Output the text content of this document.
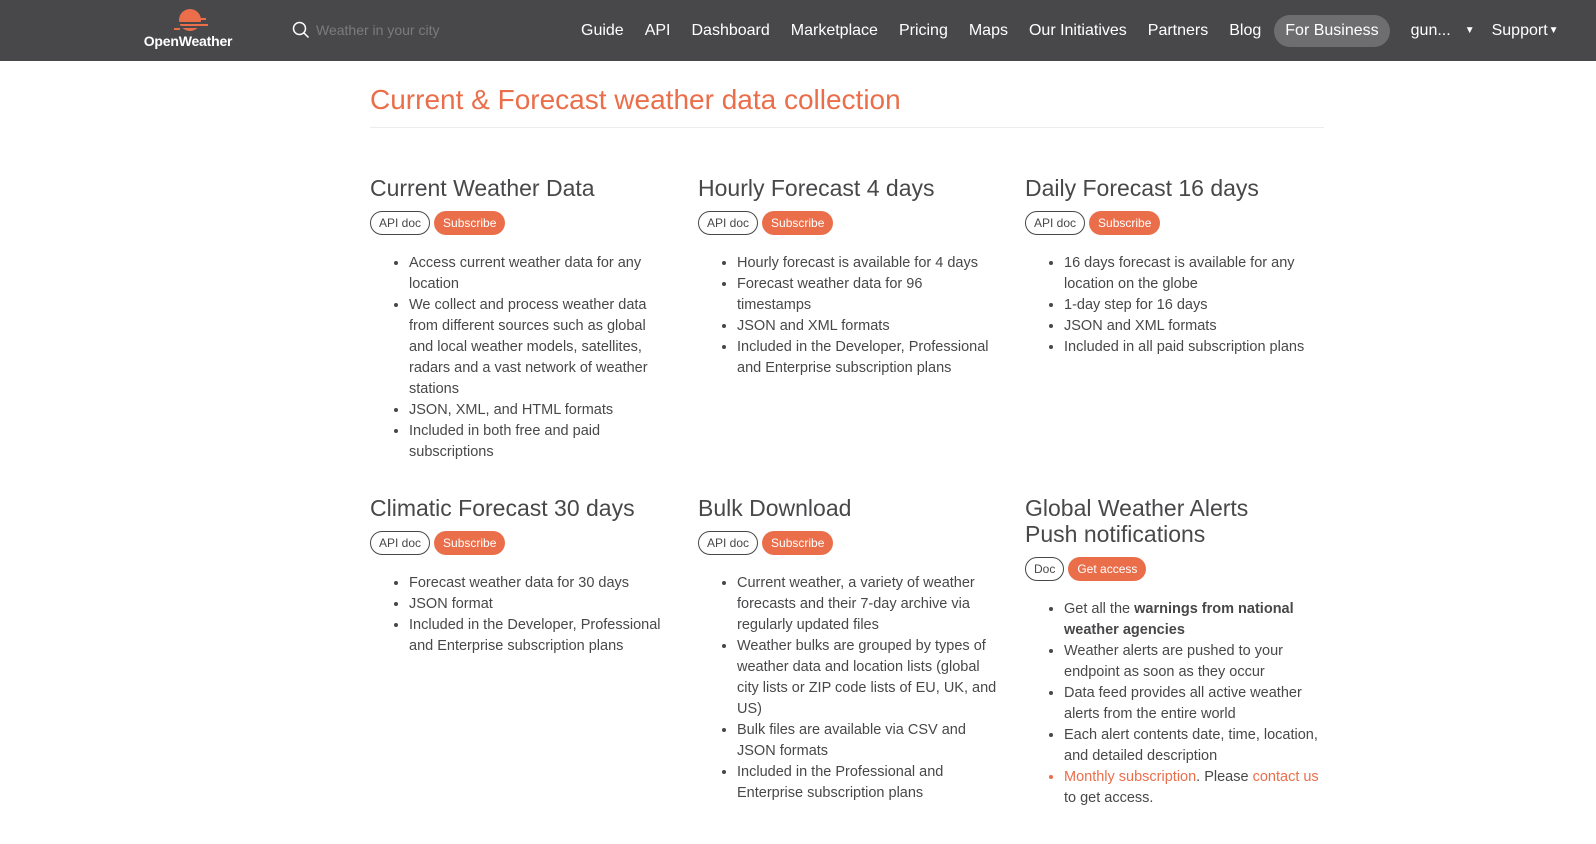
OpenWeather
Weather in your city
Guide API Dashboard Marketplace Pricing Maps Our Initiatives Partners Blog	For Business	gun... ▼ Support ▼
Current & Forecast weather data collection
Current Weather Data
API doc	Subscribe
• Access current weather data for any location
• We collect and process weather data from different sources such as global and local weather models, satellites, radars and a vast network of weather stations
• JSON, XML, and HTML formats
• Included in both free and paid subscriptions
Hourly Forecast 4 days
API doc	Subscribe
• Hourly forecast is available for 4 days
• Forecast weather data for 96 timestamps
• JSON and XML formats
• Included in the Developer, Professional and Enterprise subscription plans
Daily Forecast 16 days
API doc	Subscribe
• 16 days forecast is available for any location on the globe
• 1-day step for 16 days
• JSON and XML formats
• Included in all paid subscription plans
Climatic Forecast 30 days
API doc	Subscribe
• Forecast weather data for 30 days
• JSON format
• Included in the Developer, Professional and Enterprise subscription plans
Bulk Download
API doc	Subscribe
• Current weather, a variety of weather forecasts and their 7-day archive via regularly updated files
• Weather bulks are grouped by types of weather data and location lists (global city lists or ZIP code lists of EU, UK, and US)
• Bulk files are available via CSV and JSON formats
• Included in the Professional and Enterprise subscription plans
Global Weather Alerts
Push notifications
Doc	Get access
• Get all the warnings from national weather agencies
• Weather alerts are pushed to your endpoint as soon as they occur
• Data feed provides all active weather alerts from the entire world
• Each alert contents date, time, location, and detailed description
• Monthly subscription. Please contact us to get access.
